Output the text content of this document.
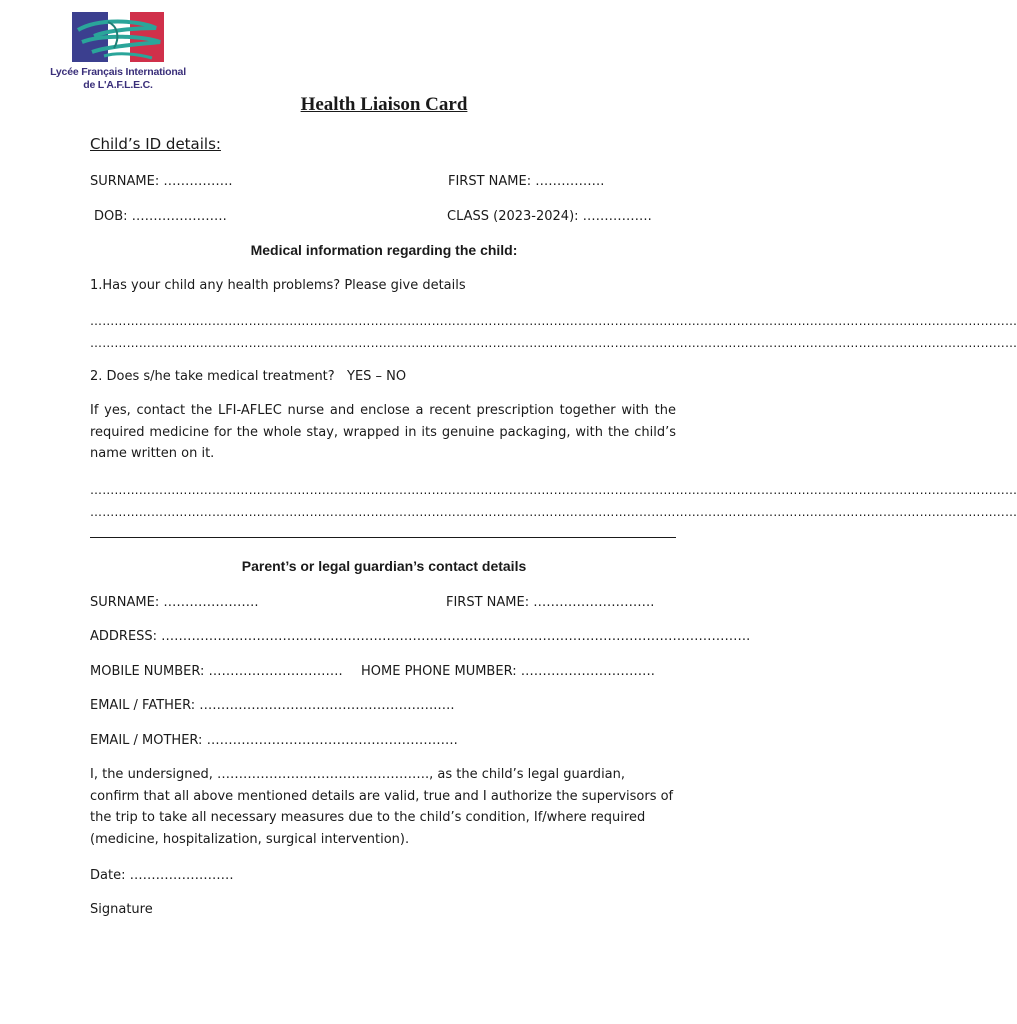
Lycée Français International
de L'A.F.L.E.C.
Health Liaison Card
Child’s ID details:
SURNAME: …………….	FIRST NAME: …………….
DOB: ………………….	CLASS (2023-2024): …………….
Medical information regarding the child:
1.Has your child any health problems? Please give details
…………………………………………………………………………………………………………………………………………………………………………………………………………
…………………………………………………………………………………………………………………………………………………………………………………………………………
2. Does s/he take medical treatment? YES – NO
If yes, contact the LFI-AFLEC nurse and enclose a recent prescription together with the required medicine for the whole stay, wrapped in its genuine packaging, with the child’s name written on it.
…………………………………………………………………………………………………………………………………………………………………………………………………………
…………………………………………………………………………………………………………………………………………………………………………………………………………
Parent’s or legal guardian’s contact details
SURNAME: ………………….	FIRST NAME: ……………………….
ADDRESS: ……………………………………………………………………………………………………………………….
MOBILE NUMBER: …………………………. HOME PHONE MUMBER: ………………………….
EMAIL / FATHER: ……………………………………………….….
EMAIL / MOTHER: ………………………………………………….
I, the undersigned, …………………………………………., as the child’s legal guardian, confirm that all above mentioned details are valid, true and I authorize the supervisors of the trip to take all necessary measures due to the child’s condition, If/where required (medicine, hospitalization, surgical intervention).
Date: ……………………
Signature
